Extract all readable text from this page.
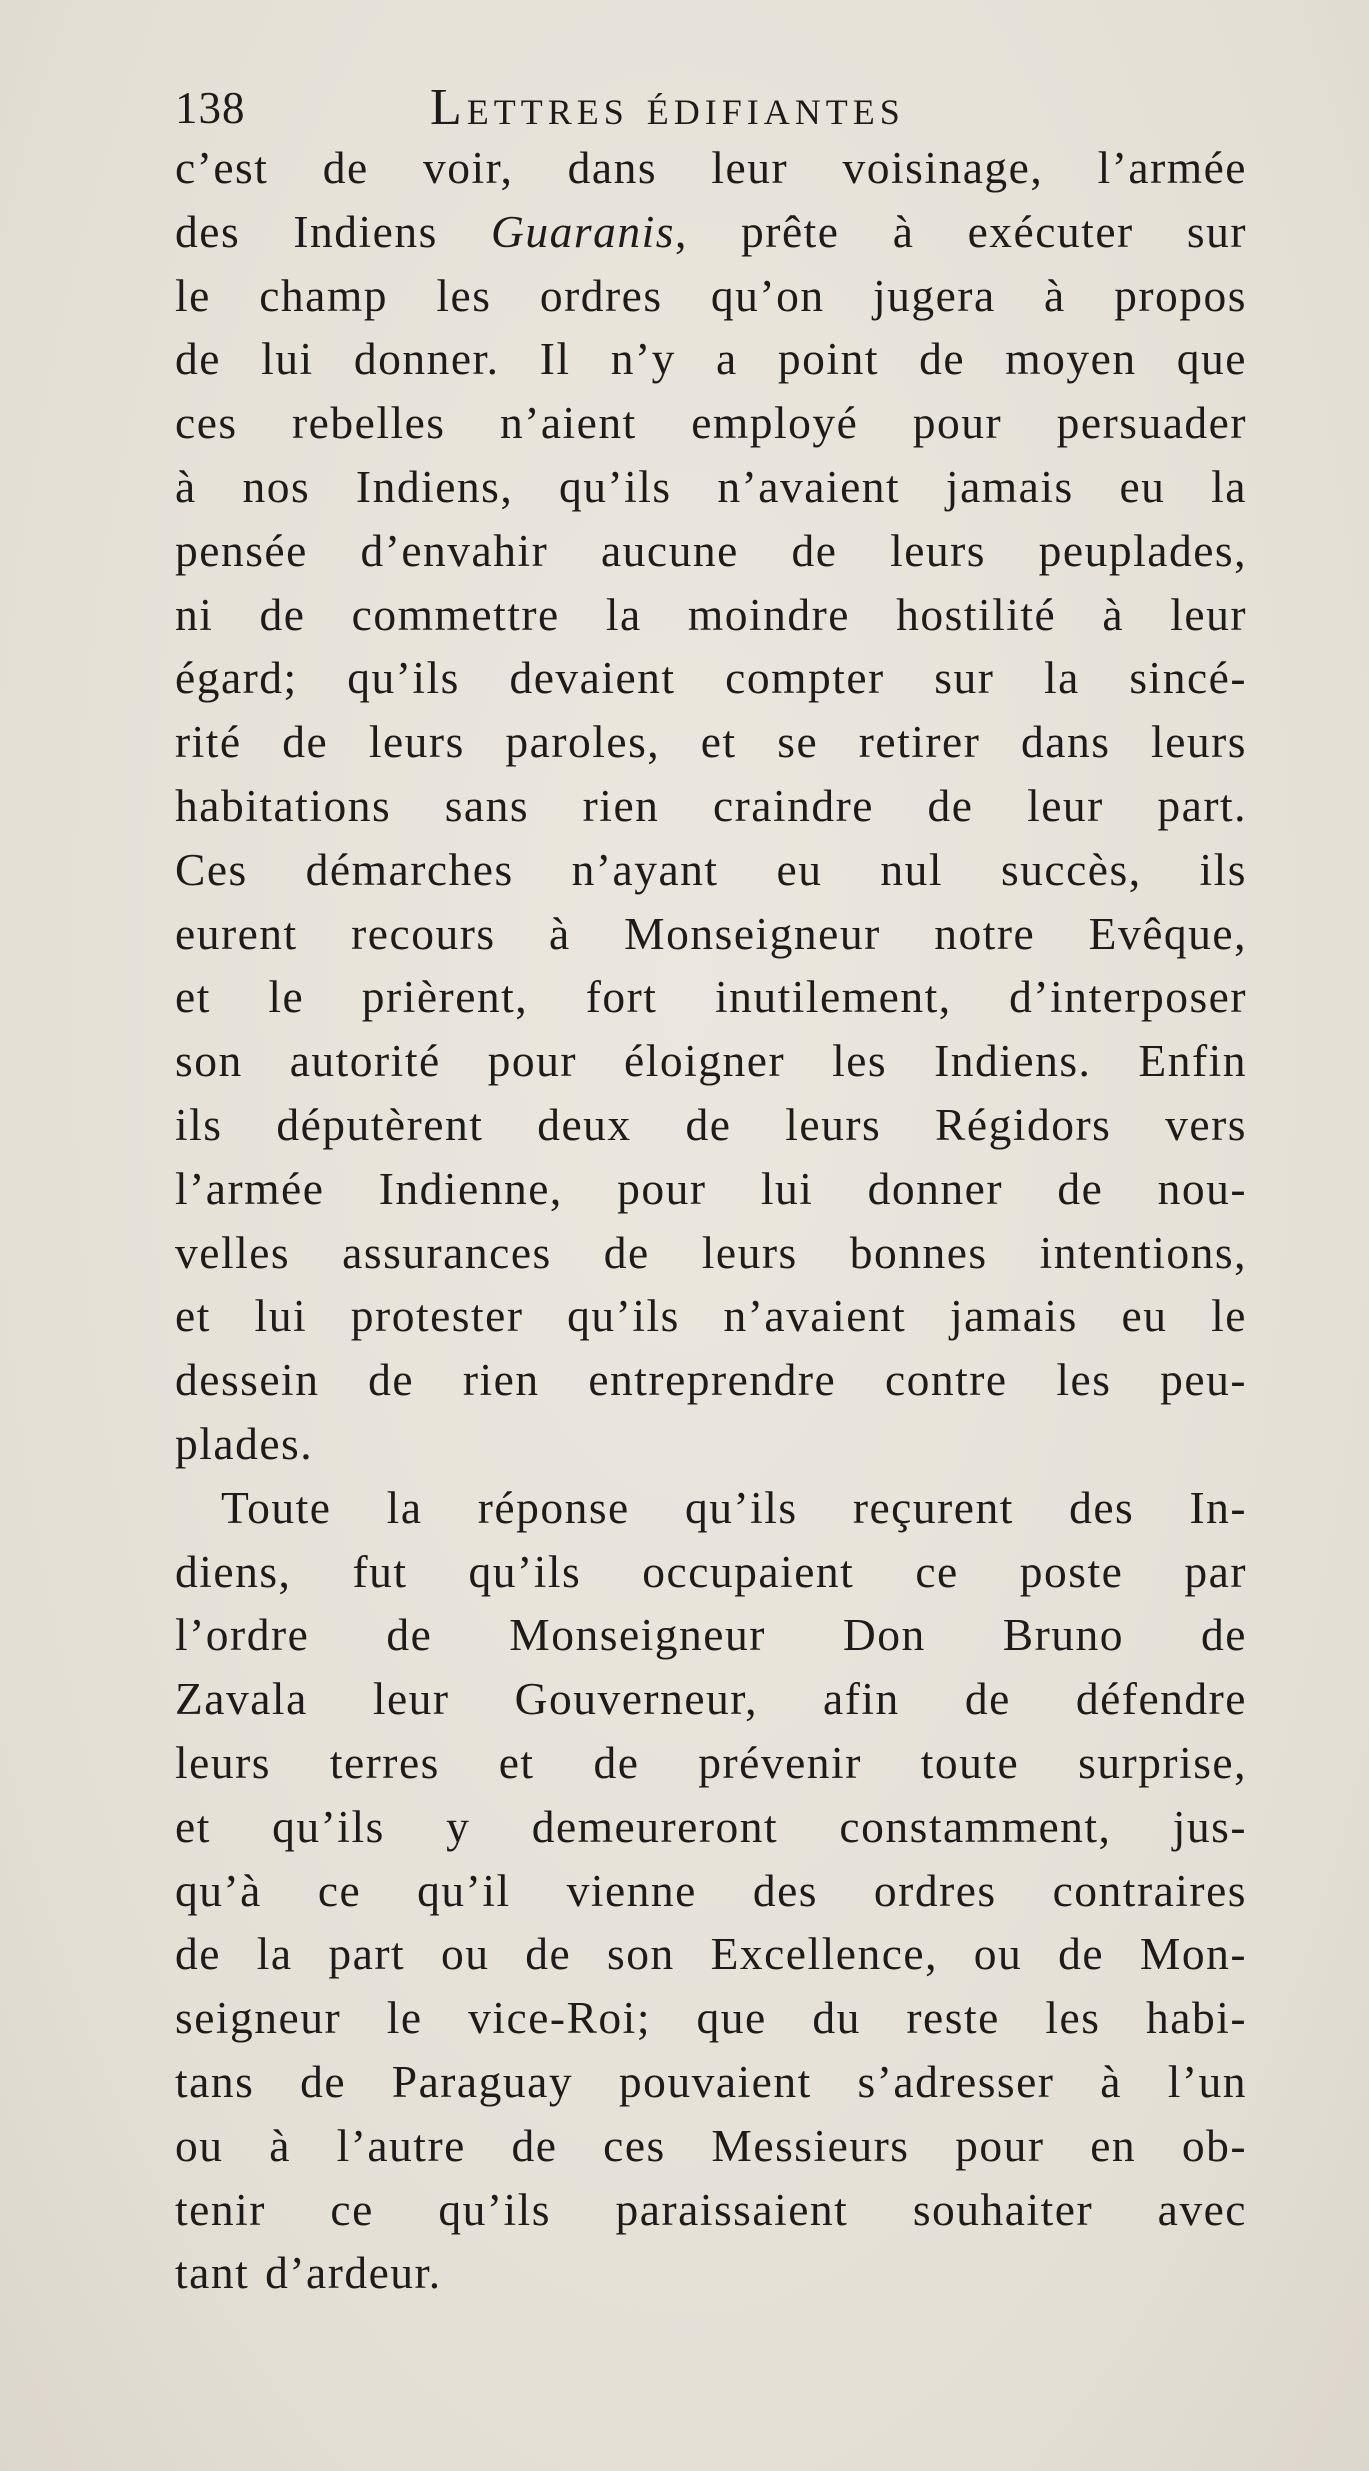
138	Lettres édifiantes
c’est de voir, dans leur voisinage, l’armée
des Indiens Guaranis, prête à exécuter sur
le champ les ordres qu’on jugera à propos
de lui donner. Il n’y a point de moyen que
ces rebelles n’aient employé pour persuader
à nos Indiens, qu’ils n’avaient jamais eu la
pensée d’envahir aucune de leurs peuplades,
ni de commettre la moindre hostilité à leur
égard; qu’ils devaient compter sur la sincé-
rité de leurs paroles, et se retirer dans leurs
habitations sans rien craindre de leur part.
Ces démarches n’ayant eu nul succès, ils
eurent recours à Monseigneur notre Evêque,
et le prièrent, fort inutilement, d’interposer
son autorité pour éloigner les Indiens. Enfin
ils députèrent deux de leurs Régidors vers
l’armée Indienne, pour lui donner de nou-
velles assurances de leurs bonnes intentions,
et lui protester qu’ils n’avaient jamais eu le
dessein de rien entreprendre contre les peu-
plades.
Toute la réponse qu’ils reçurent des In-
diens, fut qu’ils occupaient ce poste par
l’ordre de Monseigneur Don Bruno de
Zavala leur Gouverneur, afin de défendre
leurs terres et de prévenir toute surprise,
et qu’ils y demeureront constamment, jus-
qu’à ce qu’il vienne des ordres contraires
de la part ou de son Excellence, ou de Mon-
seigneur le vice-Roi; que du reste les habi-
tans de Paraguay pouvaient s’adresser à l’un
ou à l’autre de ces Messieurs pour en ob-
tenir ce qu’ils paraissaient souhaiter avec
tant d’ardeur.
